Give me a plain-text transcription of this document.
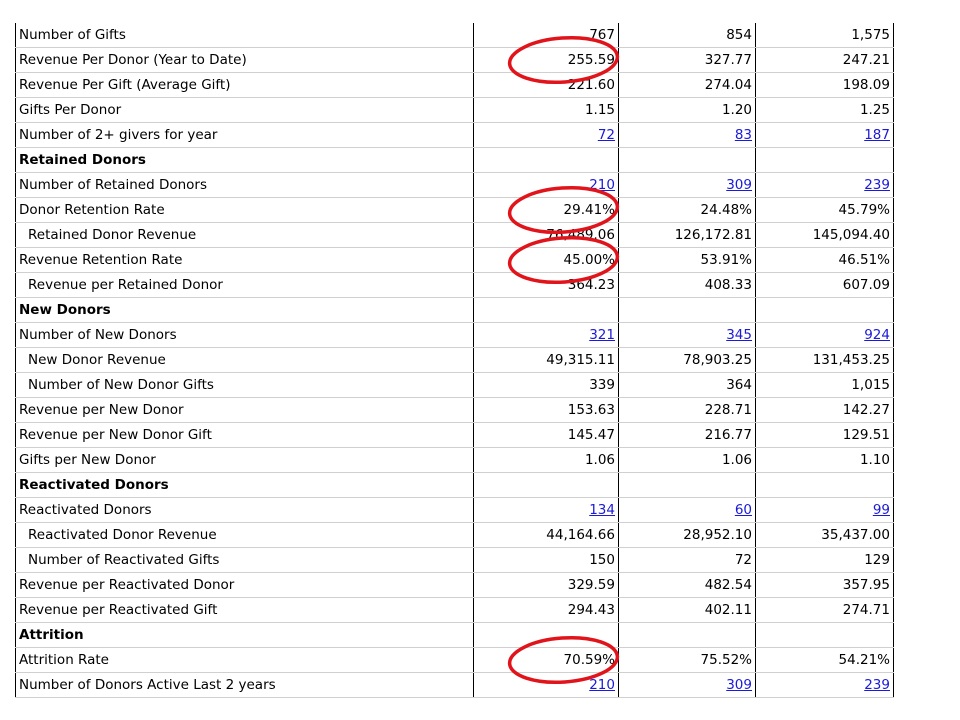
Number of Gifts	767	854	1,575
Revenue Per Donor (Year to Date)	255.59	327.77	247.21
Revenue Per Gift (Average Gift)	221.60	274.04	198.09
Gifts Per Donor	1.15	1.20	1.25
Number of 2+ givers for year	72	83	187
Retained Donors			
Number of Retained Donors	210	309	239
Donor Retention Rate	29.41%	24.48%	45.79%
Retained Donor Revenue	76,489.06	126,172.81	145,094.40
Revenue Retention Rate	45.00%	53.91%	46.51%
Revenue per Retained Donor	364.23	408.33	607.09
New Donors			
Number of New Donors	321	345	924
New Donor Revenue	49,315.11	78,903.25	131,453.25
Number of New Donor Gifts	339	364	1,015
Revenue per New Donor	153.63	228.71	142.27
Revenue per New Donor Gift	145.47	216.77	129.51
Gifts per New Donor	1.06	1.06	1.10
Reactivated Donors			
Reactivated Donors	134	60	99
Reactivated Donor Revenue	44,164.66	28,952.10	35,437.00
Number of Reactivated Gifts	150	72	129
Revenue per Reactivated Donor	329.59	482.54	357.95
Revenue per Reactivated Gift	294.43	402.11	274.71
Attrition			
Attrition Rate	70.59%	75.52%	54.21%
Number of Donors Active Last 2 years	210	309	239
